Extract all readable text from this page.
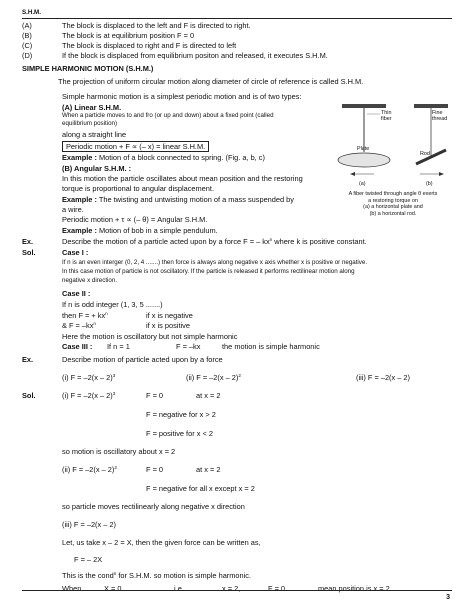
S.H.M.
(A)	The block is displaced to the left and F is directed to right.
(B)	The block is at equilibrium position F = 0
(C)	The block is displaced to right and F is directed to left
(D)	If the block is displaced from equilibrium positon and released, it executes S.H.M.
SIMPLE HARMONIC MOTION (S.H.M.)
The projection of uniform circular motion along diameter of circle of reference is called S.H.M.
Simple harmonic motion is a simplest periodic motion and is of two types:
(A) Linear S.H.M.
When a particle moves to and fro (or up and down) about a fixed point (called
equilibrium position)
along a straight line
Periodic motion + F ∝ (– x) = linear S.H.M.
Example : Motion of a block connected to spring. (Fig. a, b, c)
(B) Angular S.H.M. :
In this motion the particle oscillates about mean position and the restoring
torque is proportional to angular displacement.
Example : The twisting and untwisting motion of a mass suspended by
a wire.
Periodic motion + τ ∝ (– θ) = Angular S.H.M.
Example : Motion of bob in a simple pendulum.
Thin fiber
Fine thread
Plate
Rod
(a)	(b)
A fiber twisted through angle θ exerts
a restoring torque on
(a) a horizontal plate and
(b) a horizontal rod.
Ex.	Describe the motion of a particle acted upon by a force F = – $kx^n$ where k is positive constant.
Sol.	Case I :
If n is an even interger (0, 2, 4 .......) then force is always along negative x axis whether x is positive or negative.
In this case motion of particle is not oscillatory. If the particle is released it performs rectilinear motion along
negative x direction.
Case II :
If n is odd integer (1, 3, 5 .......)
then F = + $kx^n$	if x is negative
& $F = -kx^n$	if x is positive
Here the motion is oscillatory but not simple harmonic
Case III : If n = 1	F = –kx	the motion is simple harmonic
Ex.	Describe motion of particle acted upon by a force
(i) F = –2(x – 2)$^3$	(ii) F = –2(x – 2)$^2$	(iii) F = –2(x – 2)
Sol.	(i) F = –2(x – 2)$^3$	F = 0	at x = 2
F = negative for x > 2
F = positive for x < 2
so motion is oscillatory about x = 2
(ii) F = –2(x – 2)$^2$	F = 0	at x = 2
F = negative for all x except x = 2
so particle moves rectilinearly along negative x direction
(iii) F = –2(x – 2)
Let, us take x – 2 = X, then the given force can be written as,
F = – 2X
This is the cond$^n$ for S.H.M. so motion is simple harmonic.
When	X = 0	i.e.	x = 2,	F = 0	mean position is x = 2
3
